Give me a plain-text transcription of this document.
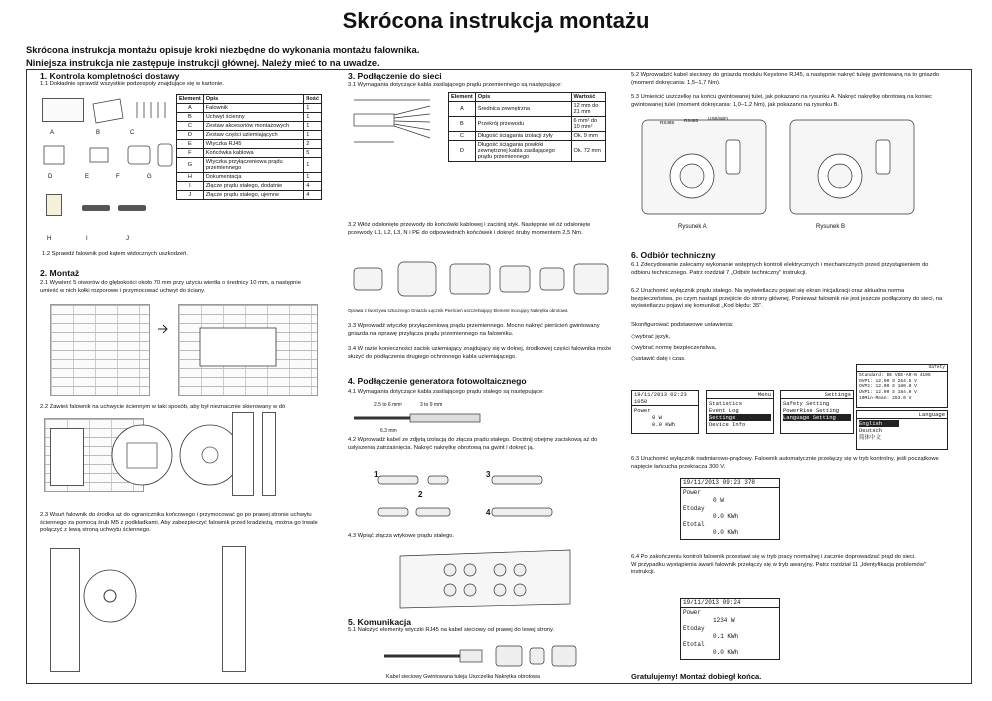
Skrócona instrukcja montażu
Skrócona instrukcja montażu opisuje kroki niezbędne do wykonania montażu falownika.
Niniejsza instrukcja nie zastępuje instrukcji głównej. Należy mieć to na uwadze.
1. Kontrola kompletności dostawy
1.1 Dokładnie sprawdź wszystkie podzespoły znajdujące się w kartonie.
A	B	C
D	E	F	G
H	I	J
Element	Opis	Ilość
A	Falownik	1
B	Uchwyt ścienny	1
C	Zestaw akcesoriów montażowych	1
D	Zestaw części uziemiających	1
E	Wtyczka RJ45	2
F	Końcówka kablowa	5
G	Wtyczka przyłączeniowa prądu przemiennego	1
H	Dokumentacja	1
I	Złącze prądu stałego, dodatnie	4
J	Złącze prądu stałego, ujemne	4
1.2 Sprawdź falownik pod kątem widocznych uszkodzeń.
2. Montaż
2.1 Wywierć 5 otworów do głębokości około 70 mm przy użyciu wiertła o średnicy 10 mm, a następnie umieść w nich kołki rozporowe i przymocować uchwyt do ściany.
2.2 Zawieś falownik na uchwycie ściennym w taki sposób, aby był nieznacznie skierowany w dó
2.3 Wsuń falownik do środka aż do ogranicznika końcowego i przymocować go po prawej stronie uchwytu ściennego za pomocą śrub M5 z podkładkami. Aby zabezpieczyć falownik przed kradzieżą, można go trwale połączyć z lewą stroną uchwytu ściennego.
3. Podłączenie do sieci
3.1 Wymagania dotyczące kabla zasilającego prądu przemiennego są następujące:
Element	Opis	Wartość
A	Średnica zewnętrzna	12 mm do 21 mm
B	Przekrój przewodu	6 mm² do 10 mm²
C	Długość ściągania izolacji żyły	Ok. 9 mm
D	Długość ściągania powłoki zewnętrznej kabla zasilającego prądu przemiennego	Ok. 72 mm
3.2 Włóż odsłonięte przewody do końcówki kablowej i zaciśnij styk. Następnie wł óż odsłonięte przewody L1, L2, L3, N i PE do odpowiednich końcówek i dokręć śruby momentem 2,5 Nm.
Oprawa z tworzywa sztucznego Gniazdo Łącznik Pierścień uszczelniający Element mocujący Nakrętka obrotowa
3.3 Wprowadź wtyczkę przyłączeniową prądu przemiennego. Mocno nakręć pierścień gwintowany gniazda na oprawę przyłącza prądu przemiennego na falowniku.
3.4 W razie konieczności zacisk uziemiający znajdujący się w dolnej, środkowej części falownika może służyć do podłączenia drugiego ochronnego kabla uziemiającego.
4. Podłączenie generatora fotowoltaicznego
4.1 Wymagania dotyczące kabla zasilającego prądu stałego są następujące:
2.5 to 6 mm²	3 to 9 mm
6.3 mm
4.2 Wprowadź kabel ze zdjętą izolacją do złącza prądu stałego. Dociśnij obejmę zaciskową aż do usłyszenia zatrzaśnięcia. Nakręć nakrętkę obrotową na gwint i dokręć ją.
1
2
3
4
4.3 Wpiąć złącza wtykowe prądu stałego.
5. Komunikacja
5.1 Nałożyć elementy wtyczki RJ45 na kabel sieciowy od prawej do lewej strony.
Kabel sieciowy Gwintowana tuleja Uszczelka Nakrętka obrotowa
5.2 Wprowadzić kabel sieciowy do gniazda modułu Keystone RJ45, a następnie nakręć tuleję gwintowaną na to gniazdo (moment dokręcania: 1,5–1,7 Nm).
5.3 Umieścić uszczelkę na końcu gwintowanej tulei, jak pokazano na rysunku A. Nakręć nakrętkę obrotową na koniec gwintowanej tulei (moment dokręcania: 1,0–1,2 Nm), jak pokazano na rysunku B.
RS485 RS485 USB/WiFi
Rysunek A	Rysunek B
6. Odbiór techniczny
6.1 Zdecydowanie zalecamy wykonanie wstępnych kontroli elektrycznych i mechanicznych przed przystąpieniem do odbioru technicznego. Patrz rozdział 7 „Odbiór techniczny" instrukcji.
6.2 Uruchomić wyłącznik prądu stałego. Na wyświetlaczu pojawi się ekran inicjalizacji oraz aktualna norma bezpieczeństwa, po czym nastąpi przejście do strony głównej. Ponieważ falownik nie jest jeszcze podłączony do sieci, na wyświetlaczu pojawi się komunikat „Kod błędu: 35".
Skonfigurować podstawowe ustawienia:
◇wybrać język,
◇wybrać normę bezpieczeństwa,
◇ustawić datę i czas.
19/11/2013 02:23 1050
Power
0 W
0.0 KWh
Menu
Statistics
Event Log
Settings
Device Info
Settings
Safety Setting
PowerRise Setting
Language Setting
Safety
Standard: DE VDE-AR-N 4105
OVP1: 12.00 S 264.5 V
OVP2: 12.00 S 180.0 V
UVP1: 12.00 S 184.0 V
10Min-Mean: 253.0 V
Language
English
Deutsch
简体中文
6.3 Uruchomić wyłącznik nadmiarowo-prądowy. Falownik automatycznie przełączy się w tryb kontrolny, jeśli początkowe napięcie łańcucha przekracza 300 V.
19/11/2013 09:23 378
Power
0 W
Etoday
0.0 KWh
Etotal
0.0 KWh
6.4 Po zakończeniu kontroli falownik przestawi się w tryb pracy normalnej i zacznie doprowadzać prąd do sieci.
W przypadku wystąpienia awarii falownik przełączy się w tryb awaryjny. Patrz rozdział 11 „Identyfikacja problemów" instrukcji.
19/11/2013 09:24
Power
1234 W
Etoday
0.1 KWh
Etotal
0.0 KWh
Gratulujemy! Montaż dobiegł końca.
